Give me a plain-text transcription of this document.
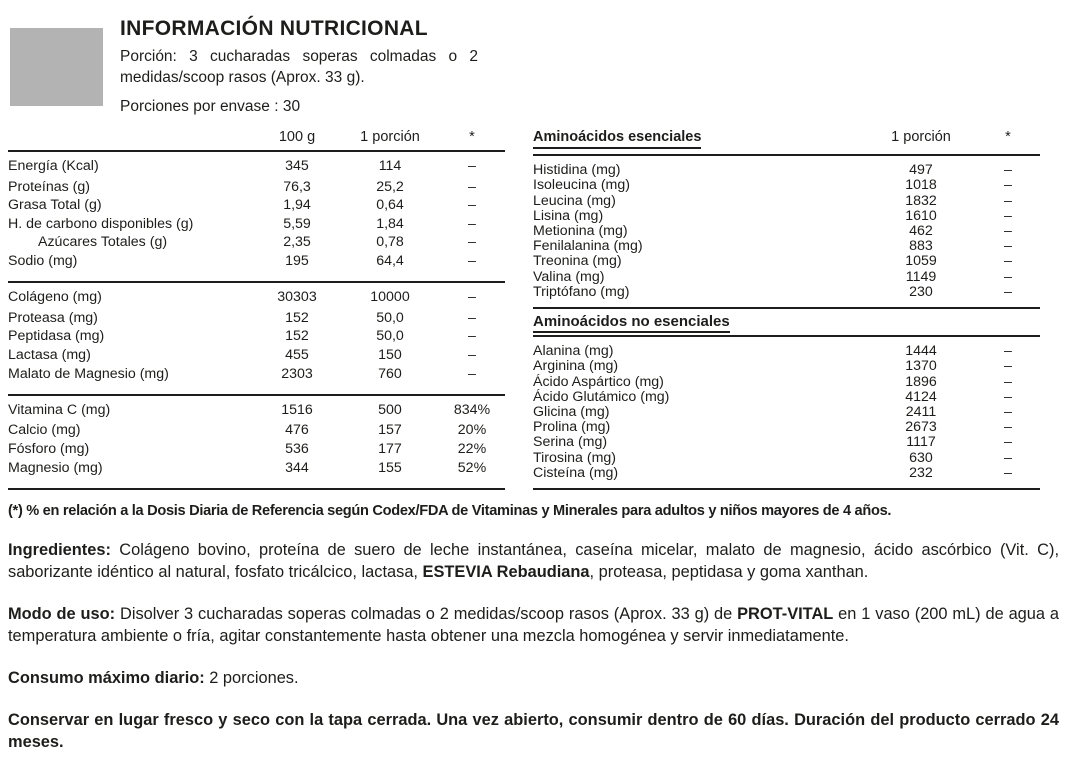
INFORMACIÓN NUTRICIONAL
Porción: 3 cucharadas soperas colmadas o 2 medidas/scoop rasos (Aprox. 33 g).
Porciones por envase : 30
	100 g	1 porción	*
Energía (Kcal)	345	114	–
Proteínas (g)	76,3	25,2	–
Grasa Total (g)	1,94	0,64	–
H. de carbono disponibles (g)	5,59	1,84	–
Azúcares Totales (g)	2,35	0,78	–
Sodio (mg)	195	64,4	–
Colágeno (mg)	30303	10000	–
Proteasa (mg)	152	50,0	–
Peptidasa (mg)	152	50,0	–
Lactasa (mg)	455	150	–
Malato de Magnesio (mg)	2303	760	–
Vitamina C (mg)	1516	500	834%
Calcio (mg)	476	157	20%
Fósforo (mg)	536	177	22%
Magnesio (mg)	344	155	52%
Aminoácidos esenciales	1 porción	*
Histidina (mg)	497	–
Isoleucina (mg)	1018	–
Leucina (mg)	1832	–
Lisina (mg)	1610	–
Metionina (mg)	462	–
Fenilalanina (mg)	883	–
Treonina (mg)	1059	–
Valina (mg)	1149	–
Triptófano (mg)	230	–
Aminoácidos no esenciales		
Alanina (mg)	1444	–
Arginina (mg)	1370	–
Ácido Aspártico (mg)	1896	–
Ácido Glutámico (mg)	4124	–
Glicina (mg)	2411	–
Prolina (mg)	2673	–
Serina (mg)	1117	–
Tirosina (mg)	630	–
Cisteína (mg)	232	–
(*) % en relación a la Dosis Diaria de Referencia según Codex/FDA de Vitaminas y Minerales para adultos y niños mayores de 4 años.

Ingredientes: Colágeno bovino, proteína de suero de leche instantánea, caseína micelar, malato de magnesio, ácido ascórbico (Vit. C), saborizante idéntico al natural, fosfato tricálcico, lactasa, ESTEVIA Rebaudiana, proteasa, peptidasa y goma xanthan.

Modo de uso: Disolver 3 cucharadas soperas colmadas o 2 medidas/scoop rasos (Aprox. 33 g) de PROT-VITAL en 1 vaso (200 mL) de agua a temperatura ambiente o fría, agitar constantemente hasta obtener una mezcla homogénea y servir inmediatamente.

Consumo máximo diario: 2 porciones.

Conservar en lugar fresco y seco con la tapa cerrada. Una vez abierto, consumir dentro de 60 días. Duración del producto cerrado 24 meses.
